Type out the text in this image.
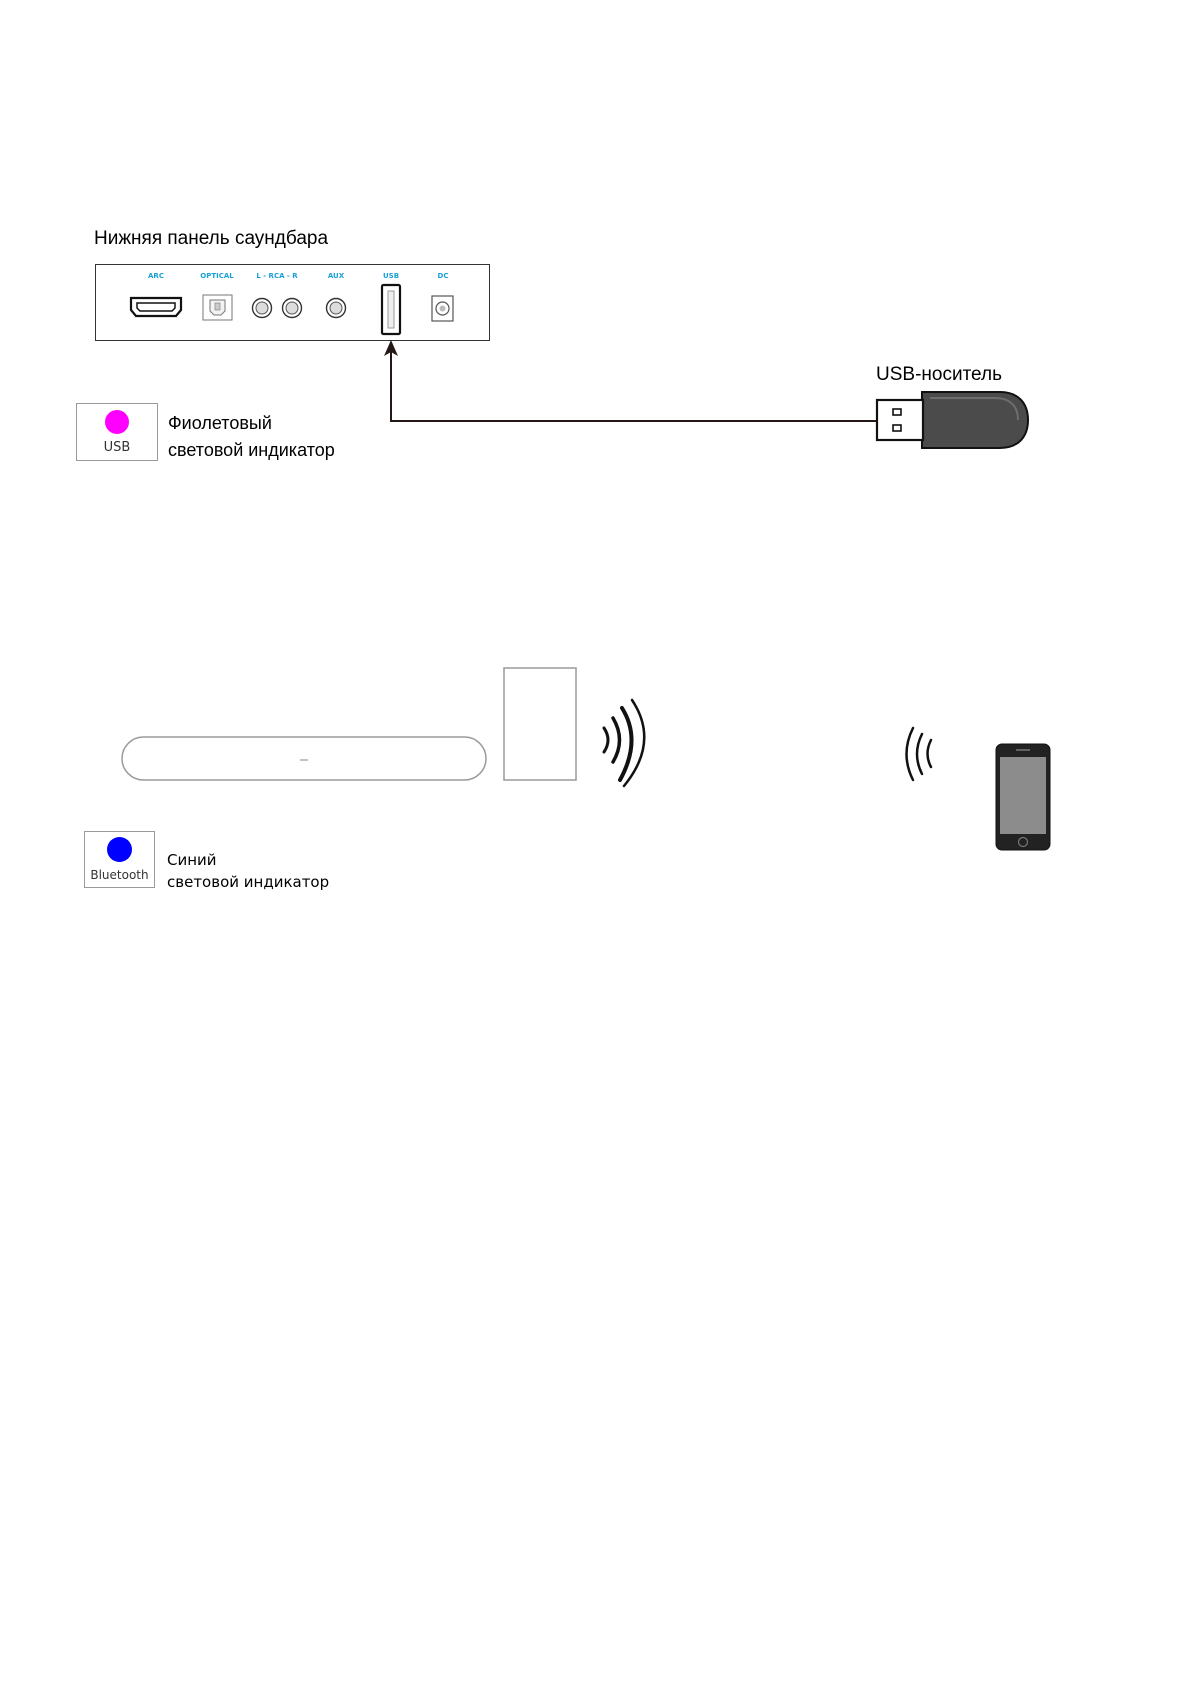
Нижняя панель саундбара
ARC	OPTICAL	L - RCA - R	AUX	USB	DC
USB-носитель
USB
Фиолетовый
световой индикатор
Bluetooth
Синий
световой индикатор
